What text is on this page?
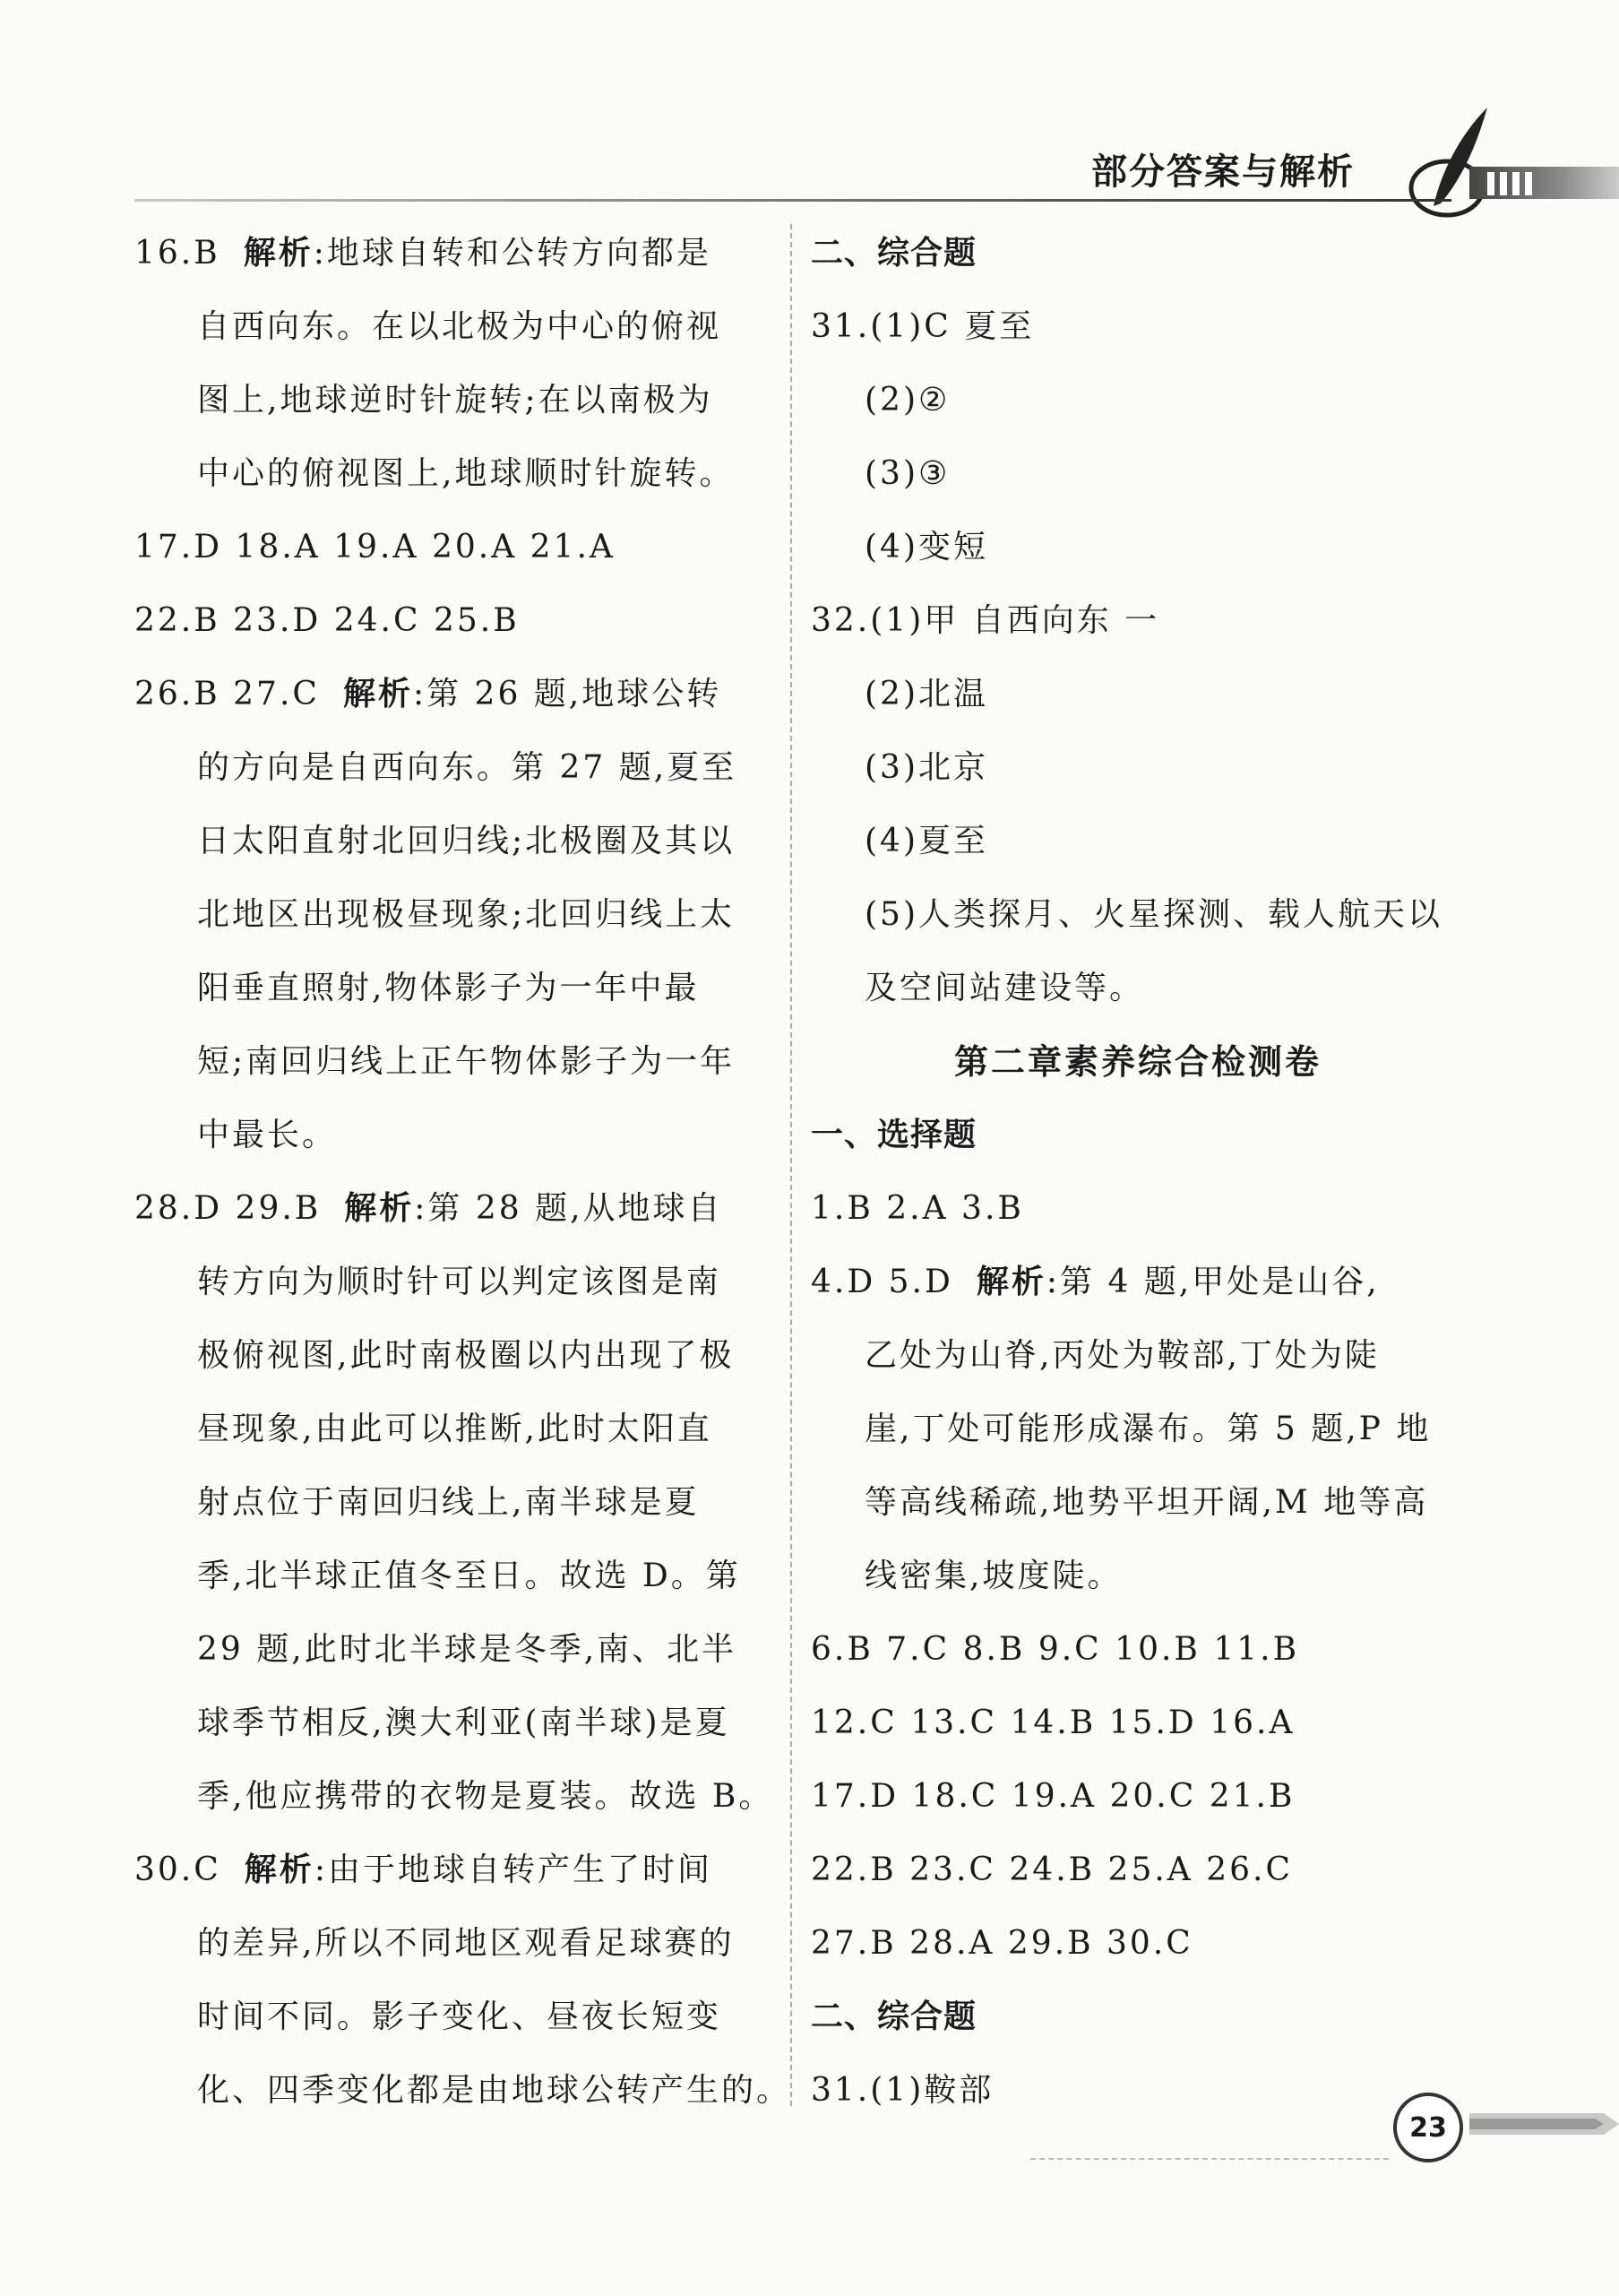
部分答案与解析
16.B 解析:地球自转和公转方向都是
自西向东。在以北极为中心的俯视
图上,地球逆时针旋转;在以南极为
中心的俯视图上,地球顺时针旋转。
17.D 18.A 19.A 20.A 21.A
22.B 23.D 24.C 25.B
26.B 27.C 解析:第 26 题,地球公转
的方向是自西向东。第 27 题,夏至
日太阳直射北回归线;北极圈及其以
北地区出现极昼现象;北回归线上太
阳垂直照射,物体影子为一年中最
短;南回归线上正午物体影子为一年
中最长。
28.D 29.B 解析:第 28 题,从地球自
转方向为顺时针可以判定该图是南
极俯视图,此时南极圈以内出现了极
昼现象,由此可以推断,此时太阳直
射点位于南回归线上,南半球是夏
季,北半球正值冬至日。故选 D。第
29 题,此时北半球是冬季,南、北半
球季节相反,澳大利亚(南半球)是夏
季,他应携带的衣物是夏装。故选 B。
30.C 解析:由于地球自转产生了时间
的差异,所以不同地区观看足球赛的
时间不同。影子变化、昼夜长短变
化、四季变化都是由地球公转产生的。
二、综合题
31.(1)C 夏至
(2)②
(3)③
(4)变短
32.(1)甲 自西向东 一
(2)北温
(3)北京
(4)夏至
(5)人类探月、火星探测、载人航天以
及空间站建设等。
第二章素养综合检测卷
一、选择题
1.B 2.A 3.B
4.D 5.D 解析:第 4 题,甲处是山谷,
乙处为山脊,丙处为鞍部,丁处为陡
崖,丁处可能形成瀑布。第 5 题,P 地
等高线稀疏,地势平坦开阔,M 地等高
线密集,坡度陡。
6.B 7.C 8.B 9.C 10.B 11.B
12.C 13.C 14.B 15.D 16.A
17.D 18.C 19.A 20.C 21.B
22.B 23.C 24.B 25.A 26.C
27.B 28.A 29.B 30.C
二、综合题
31.(1)鞍部
23
